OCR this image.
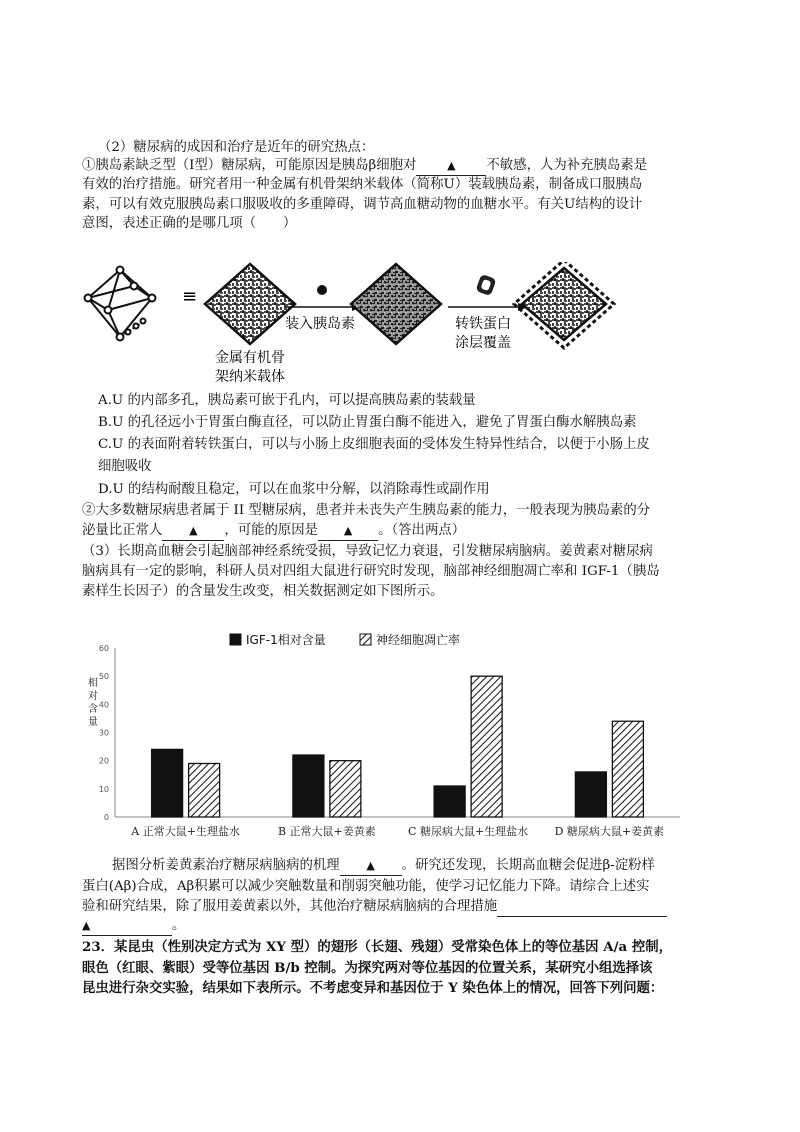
（2）糖尿病的成因和治疗是近年的研究热点：
①胰岛素缺乏型（I型）糖尿病，可能原因是胰岛β细胞对	▲ 不敏感，人为补充胰岛素是
有效的治疗措施。研究者用一种金属有机骨架纳米载体（简称U）装载胰岛素，制备成口服胰岛
素，可以有效克服胰岛素口服吸收的多重障碍，调节高血糖动物的血糖水平。有关U结构的设计
意图，表述正确的是哪几项（　　）
≡
金属有机骨
架纳米载体
装入胰岛素	转铁蛋白
涂层覆盖
A.U 的内部多孔，胰岛素可嵌于孔内，可以提高胰岛素的装载量
B.U 的孔径远小于胃蛋白酶直径，可以防止胃蛋白酶不能进入，避免了胃蛋白酶水解胰岛素
C.U 的表面附着转铁蛋白，可以与小肠上皮细胞表面的受体发生特异性结合，以便于小肠上皮
细胞吸收
D.U 的结构耐酸且稳定，可以在血浆中分解，以消除毒性或副作用
②大多数糖尿病患者属于 II 型糖尿病，患者并未丧失产生胰岛素的能力，一般表现为胰岛素的分
泌量比正常人 ▲ ，可能的原因是 ▲ 。（答出两点）
（3）长期高血糖会引起脑部神经系统受损，导致记忆力衰退，引发糖尿病脑病。姜黄素对糖尿病
脑病具有一定的影响，科研人员对四组大鼠进行研究时发现，脑部神经细胞凋亡率和 IGF-1（胰岛
素样生长因子）的含量发生改变，相关数据测定如下图所示。
IGF-1相对含量	神经细胞凋亡率
0
10
20
30
40
50
60
A 正常大鼠+生理盐水	B 正常大鼠+姜黄素	C 糖尿病大鼠+生理盐水 D 糖尿病大鼠+姜黄素
相
对
含
量
据图分析姜黄素治疗糖尿病脑病的机理 ▲ 。研究还发现，长期高血糖会促进β-淀粉样
蛋白(Aβ)合成，Aβ积累可以减少突触数量和削弱突触功能，使学习记忆能力下降。请综合上述实
验和研究结果，除了服用姜黄素以外，其他治疗糖尿病脑病的合理措施
▲	。
23．某昆虫（性别决定方式为 XY 型）的翅形（长翅、残翅）受常染色体上的等位基因 A/a 控制，
眼色（红眼、紫眼）受等位基因 B/b 控制。为探究两对等位基因的位置关系，某研究小组选择该
昆虫进行杂交实验，结果如下表所示。不考虑变异和基因位于 Y 染色体上的情况，回答下列问题：
